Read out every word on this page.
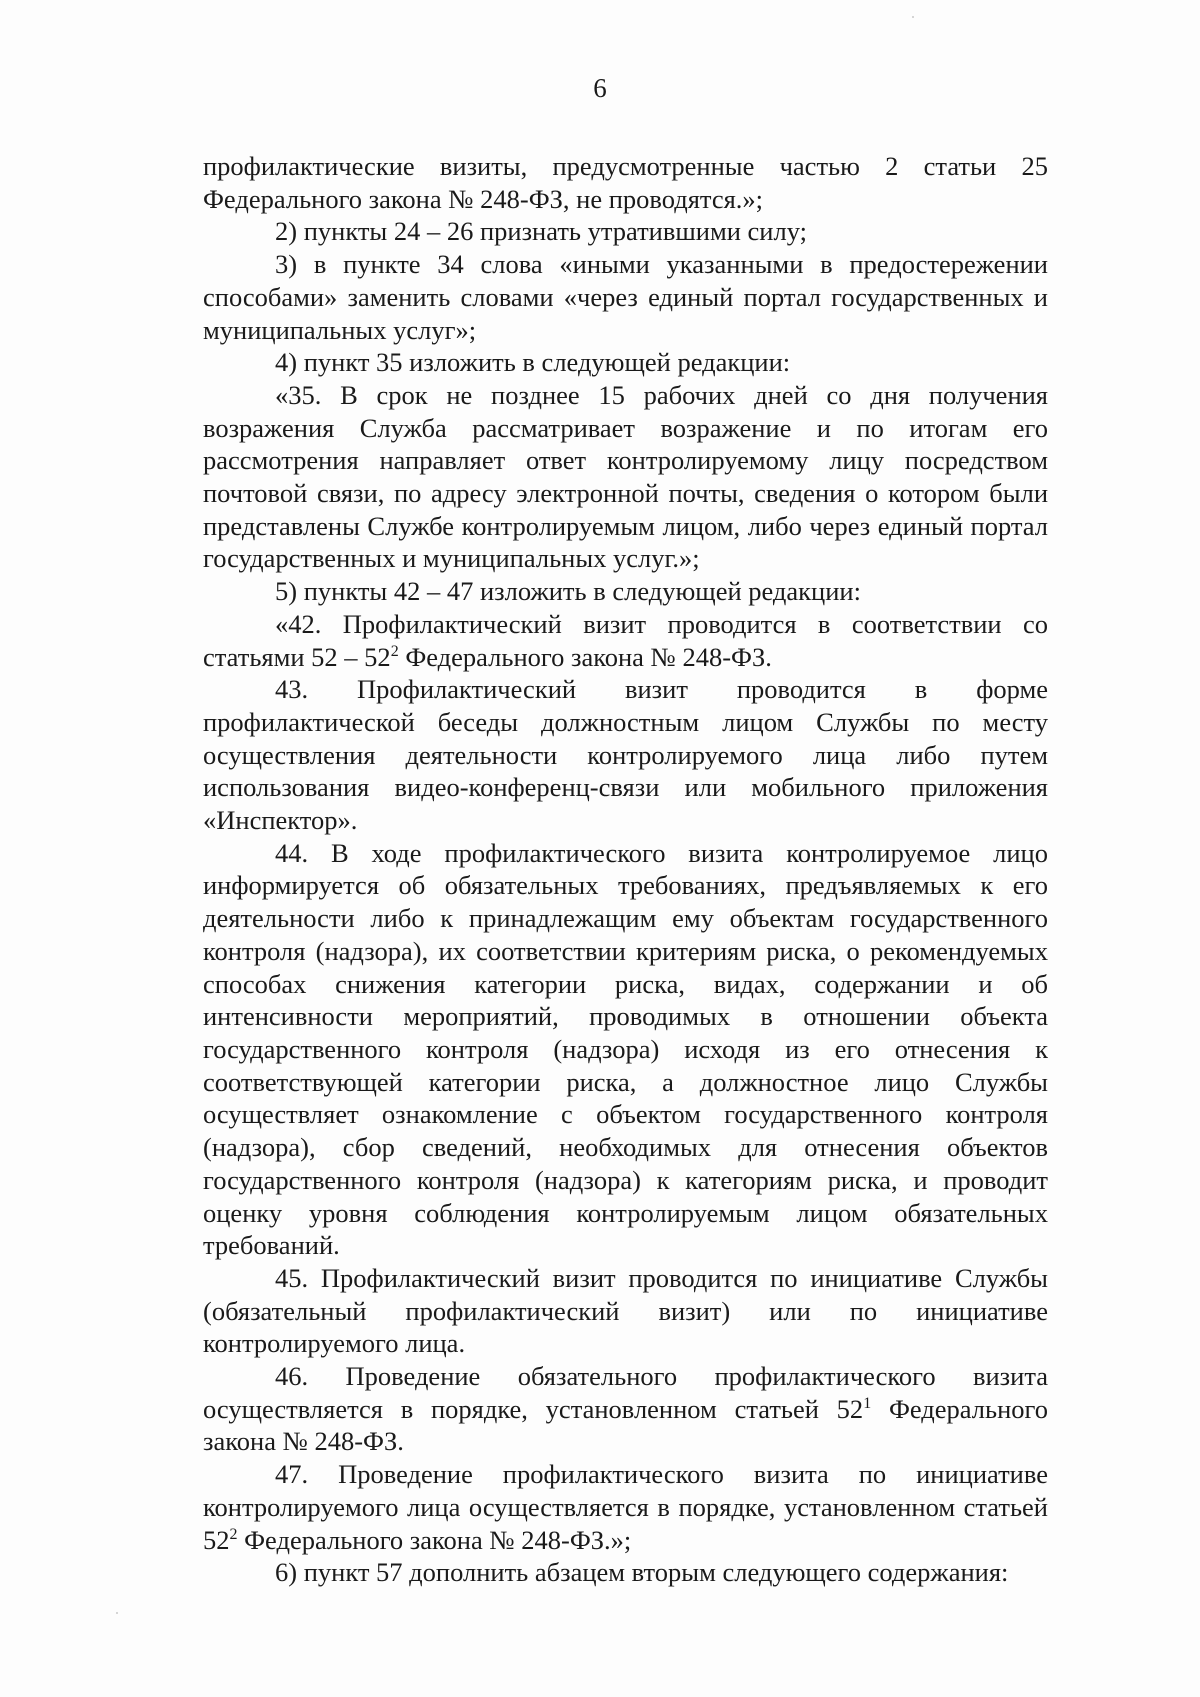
6

профилактические визиты, предусмотренные частью 2 статьи 25 Федерального закона № 248-ФЗ, не проводятся.»;

2) пункты 24 – 26 признать утратившими силу;

3) в пункте 34 слова «иными указанными в предостережении способами» заменить словами «через единый портал государственных и муниципальных услуг»;

4) пункт 35 изложить в следующей редакции:

«35. В срок не позднее 15 рабочих дней со дня получения возражения Служба рассматривает возражение и по итогам его рассмотрения направляет ответ контролируемому лицу посредством почтовой связи, по адресу электронной почты, сведения о котором были представлены Службе контролируемым лицом, либо через единый портал государственных и муниципальных услуг.»;

5) пункты 42 – 47 изложить в следующей редакции:

«42. Профилактический визит проводится в соответствии со статьями $52 - 52^2$ Федерального закона № 248-ФЗ.

43. Профилактический визит проводится в форме профилактической беседы должностным лицом Службы по месту осуществления деятельности контролируемого лица либо путем использования видео-конференц-связи или мобильного приложения «Инспектор».

44. В ходе профилактического визита контролируемое лицо информируется об обязательных требованиях, предъявляемых к его деятельности либо к принадлежащим ему объектам государственного контроля (надзора), их соответствии критериям риска, о рекомендуемых способах снижения категории риска, видах, содержании и об интенсивности мероприятий, проводимых в отношении объекта государственного контроля (надзора) исходя из его отнесения к соответствующей категории риска, а должностное лицо Службы осуществляет ознакомление с объектом государственного контроля (надзора), сбор сведений, необходимых для отнесения объектов государственного контроля (надзора) к категориям риска, и проводит оценку уровня соблюдения контролируемым лицом обязательных требований.

45. Профилактический визит проводится по инициативе Службы (обязательный профилактический визит) или по инициативе контролируемого лица.

46. Проведение обязательного профилактического визита осуществляется в порядке, установленном статьей $52^1$ Федерального закона № 248-ФЗ.

47. Проведение профилактического визита по инициативе контролируемого лица осуществляется в порядке, установленном статьей $52^2$ Федерального закона № 248-ФЗ.»;

6) пункт 57 дополнить абзацем вторым следующего содержания:
